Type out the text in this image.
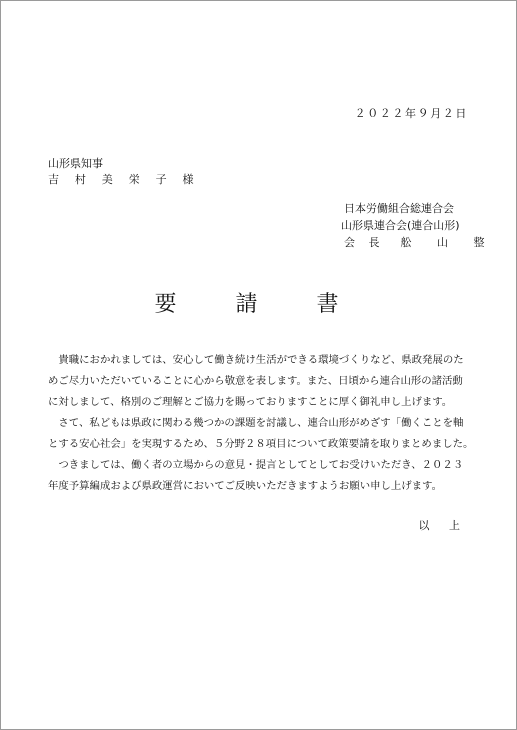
２０２２年９月２日
山形県知事
吉 村 美 栄 子 様
日本労働組合総連合会
山形県連合会(連合山形)
会 長 舩 山 整
要 請 書

貴職におかれましては、安心して働き続け生活ができる環境づくりなど、県政発展のた

めご尽力いただいていることに心から敬意を表します。また、日頃から連合山形の諸活動
に対しまして、格別のご理解とご協力を賜っておりますことに厚く御礼申し上げます。

さて、私どもは県政に関わる幾つかの課題を討議し、連合山形がめざす「働くことを軸

とする安心社会」を実現するため、５分野２８項目について政策要請を取りまとめました。

つきましては、働く者の立場からの意見・提言としてとしてお受けいただき、２０２３

年度予算編成および県政運営においてご反映いただきますようお願い申し上げます。
以 上
